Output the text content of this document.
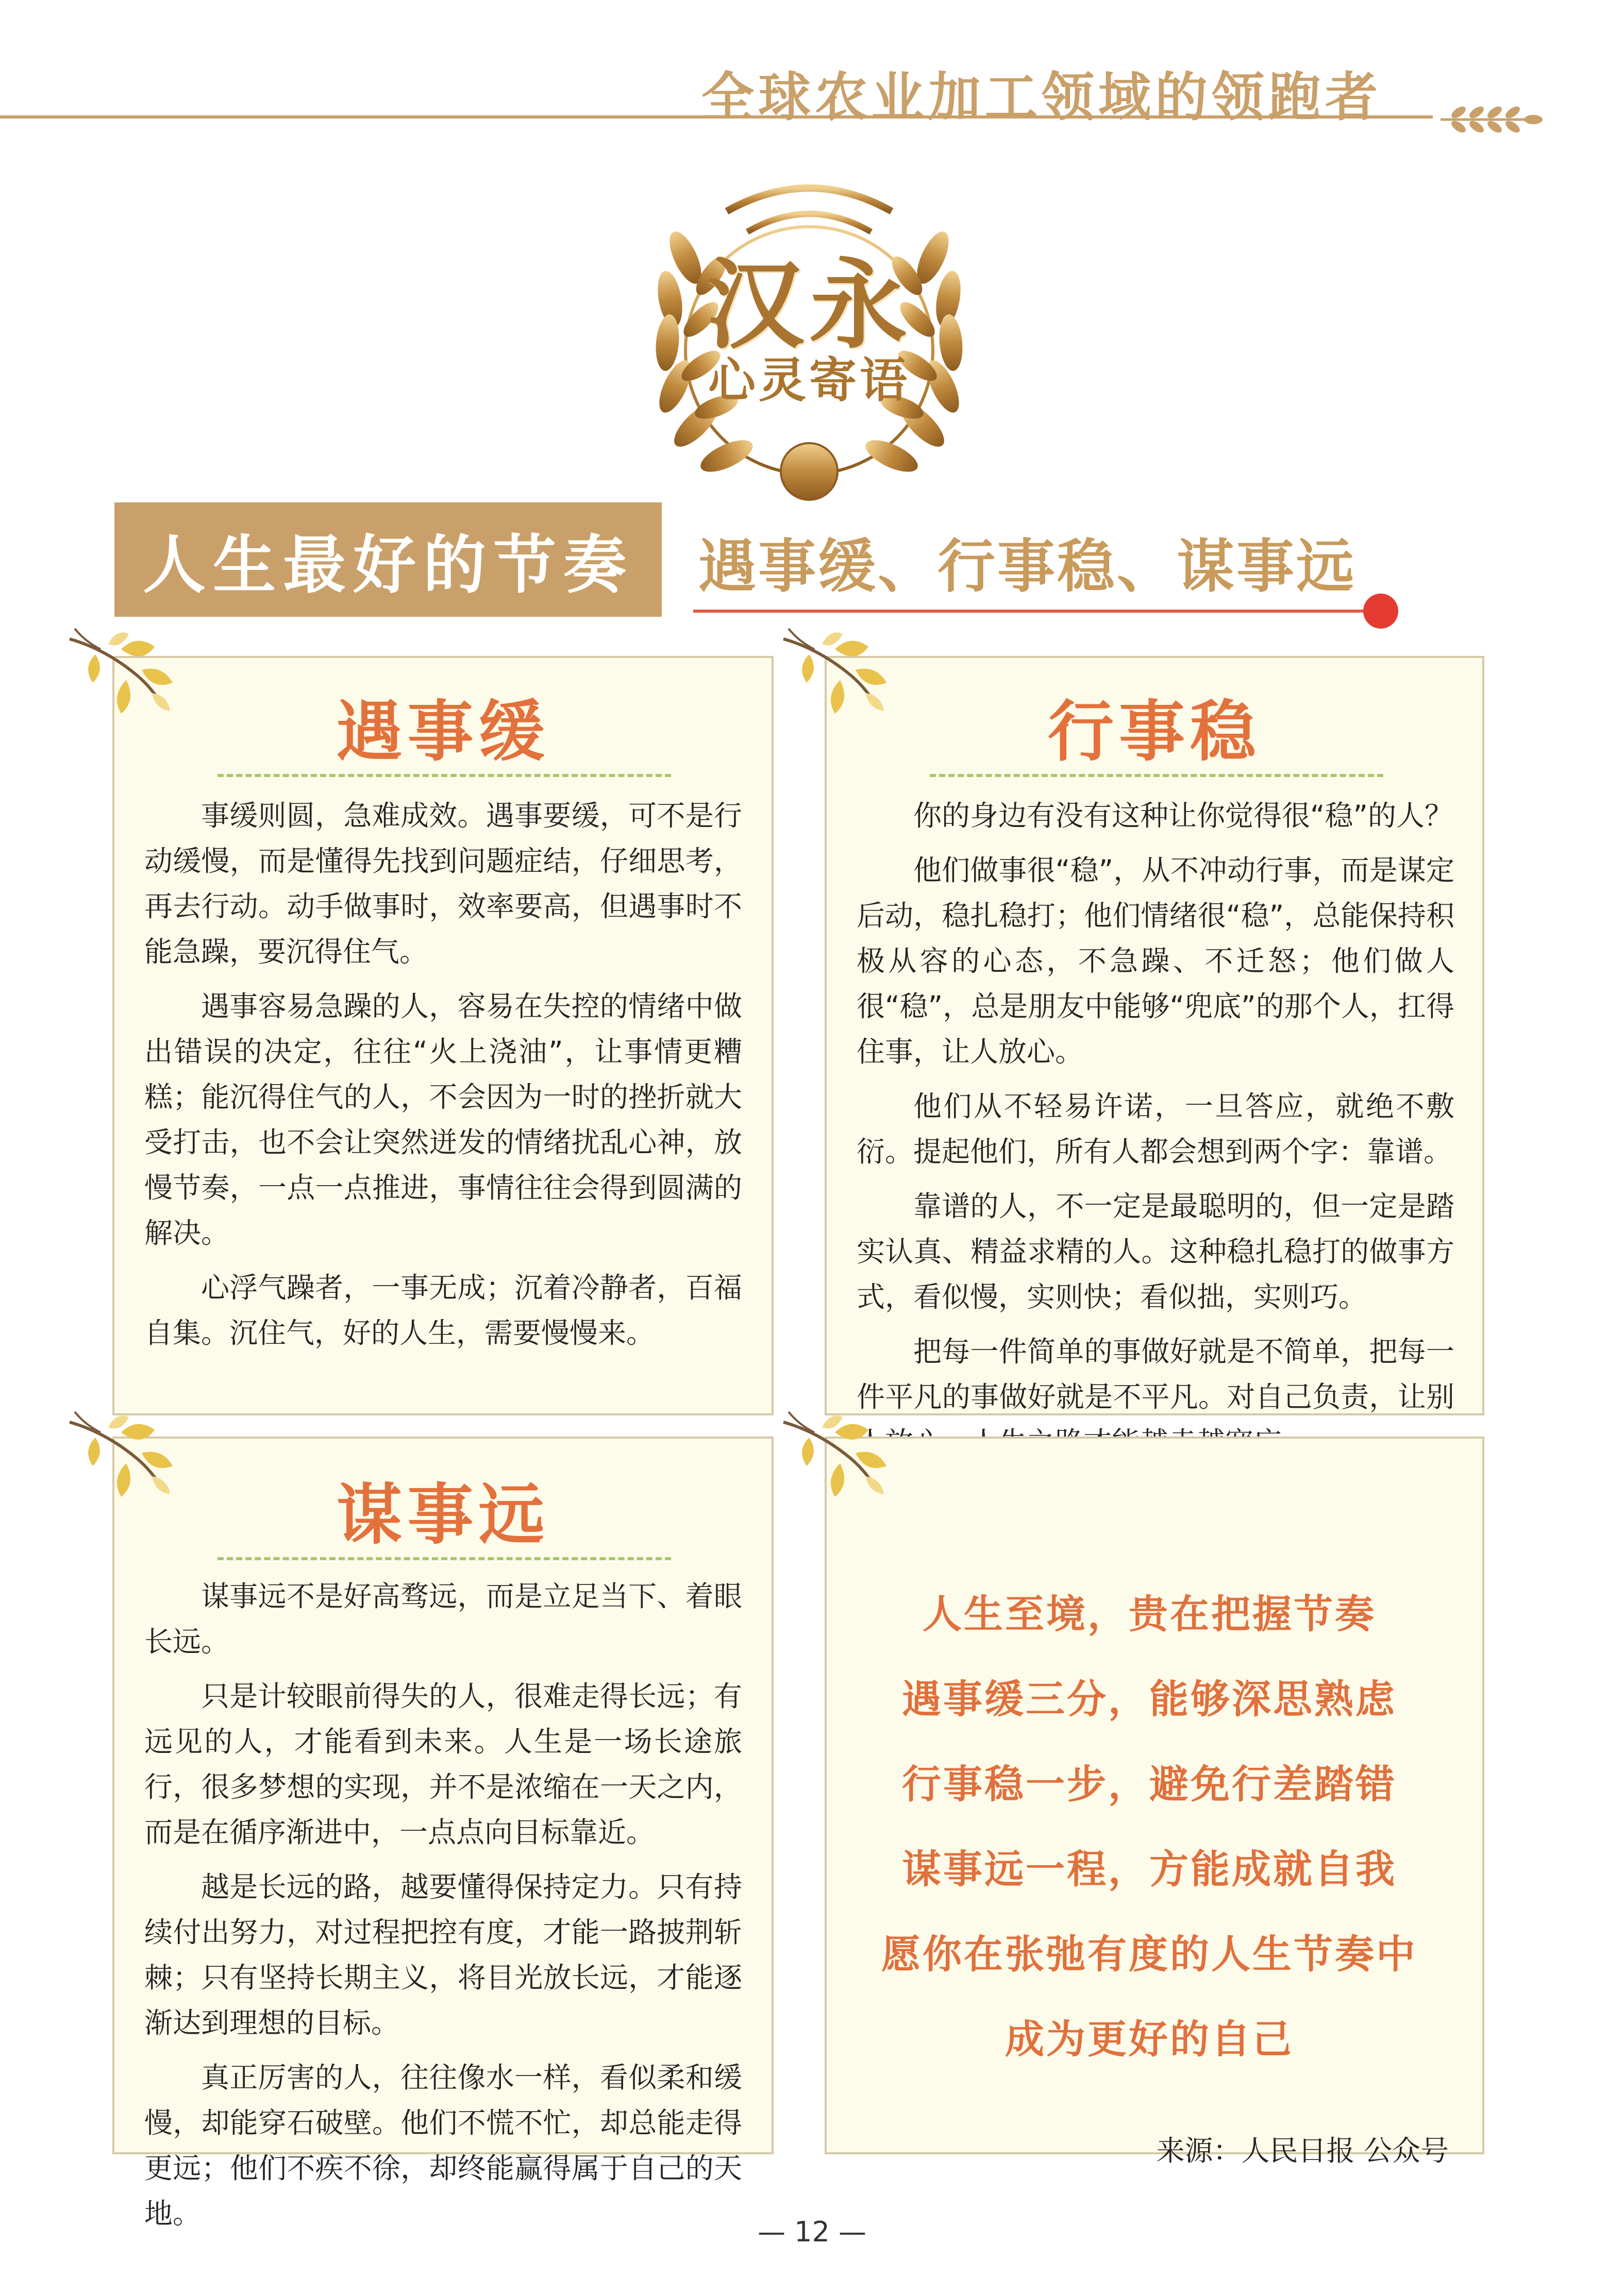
全球农业加工领域的领跑者
汉永
心灵寄语
人生最好的节奏	遇事缓、行事稳、谋事远
遇事缓

事缓则圆，急难成效。遇事要缓，可不是行动缓慢，而是懂得先找到问题症结，仔细思考，再去行动。动手做事时，效率要高，但遇事时不能急躁，要沉得住气。

遇事容易急躁的人，容易在失控的情绪中做出错误的决定，往往“火上浇油”，让事情更糟糕；能沉得住气的人，不会因为一时的挫折就大受打击，也不会让突然迸发的情绪扰乱心神，放慢节奏，一点一点推进，事情往往会得到圆满的解决。

心浮气躁者，一事无成；沉着冷静者，百福自集。沉住气，好的人生，需要慢慢来。

行事稳

你的身边有没有这种让你觉得很“稳”的人？

他们做事很“稳”，从不冲动行事，而是谋定后动，稳扎稳打；他们情绪很“稳”，总能保持积极从容的心态，不急躁、不迁怒；他们做人很“稳”，总是朋友中能够“兜底”的那个人，扛得住事，让人放心。

他们从不轻易许诺，一旦答应，就绝不敷衍。提起他们，所有人都会想到两个字：靠谱。

靠谱的人，不一定是最聪明的，但一定是踏实认真、精益求精的人。这种稳扎稳打的做事方式，看似慢，实则快；看似拙，实则巧。

把每一件简单的事做好就是不简单，把每一件平凡的事做好就是不平凡。对自己负责，让别

谋事远

谋事远不是好高骛远，而是立足当下、着眼长远。

只是计较眼前得失的人，很难走得长远；有远见的人，才能看到未来。人生是一场长途旅行，很多梦想的实现，并不是浓缩在一天之内，而是在循序渐进中，一点点向目标靠近。

越是长远的路，越要懂得保持定力。只有持续付出努力，对过程把控有度，才能一路披荆斩棘；只有坚持长期主义，将目光放长远，才能逐渐达到理想的目标。

真正厉害的人，往往像水一样，看似柔和缓慢，却能穿石破壁。他们不慌不忙，却总能走得更远；他们不疾不徐，却终能赢得属于自己的天地。

人生至境，贵在把握节奏
遇事缓三分，能够深思熟虑
行事稳一步，避免行差踏错
谋事远一程，方能成就自我
愿你在张弛有度的人生节奏中
成为更好的自己
来源：人民日报 公众号
— 12 —
